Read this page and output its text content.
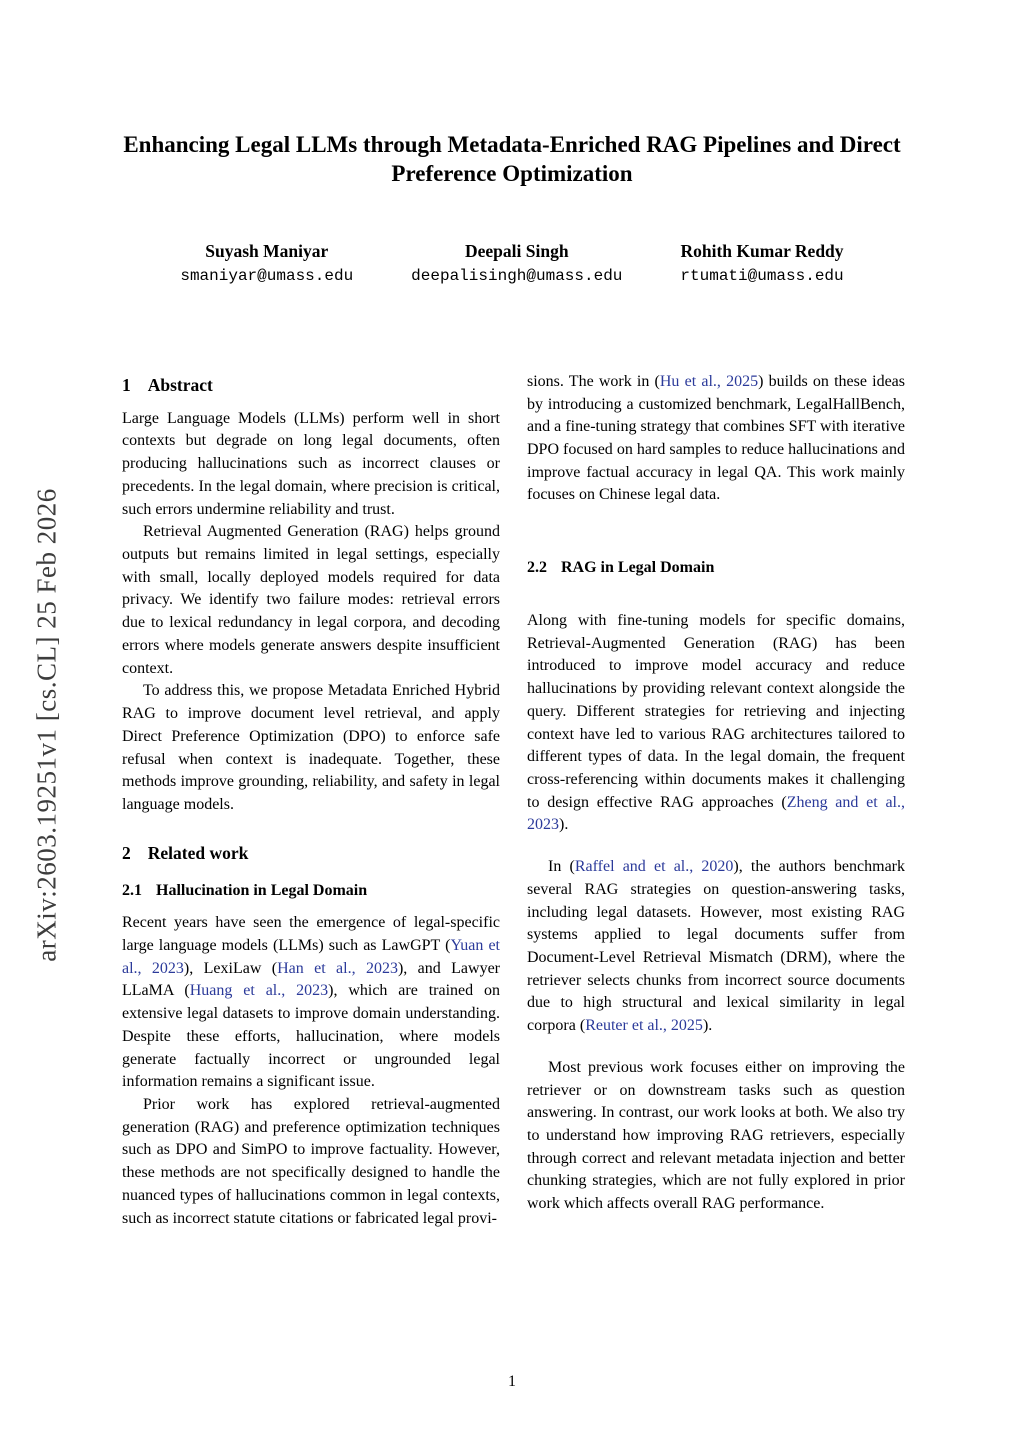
arXiv:2603.19251v1 [cs.CL] 25 Feb 2026
Enhancing Legal LLMs through Metadata-Enriched RAG Pipelines and Direct Preference Optimization
Suyash Maniyar
smaniyar@umass.edu
Deepali Singh
deepalisingh@umass.edu
Rohith Kumar Reddy
rtumati@umass.edu
1 Abstract

Large Language Models (LLMs) perform well in short contexts but degrade on long legal documents, often producing hallucinations such as incorrect clauses or precedents. In the legal domain, where precision is critical, such errors undermine reliability and trust.

Retrieval Augmented Generation (RAG) helps ground outputs but remains limited in legal settings, especially with small, locally deployed models required for data privacy. We identify two failure modes: retrieval errors due to lexical redundancy in legal corpora, and decoding errors where models generate answers despite insufficient context.

To address this, we propose Metadata Enriched Hybrid RAG to improve document level retrieval, and apply Direct Preference Optimization (DPO) to enforce safe refusal when context is inadequate. Together, these methods improve grounding, reliability, and safety in legal language models.

2 Related work
2.1 Hallucination in Legal Domain

Recent years have seen the emergence of legal-specific large language models (LLMs) such as LawGPT (Yuan et al., 2023), LexiLaw (Han et al., 2023), and Lawyer LLaMA (Huang et al., 2023), which are trained on extensive legal datasets to improve domain understanding. Despite these efforts, hallucination, where models generate factually incorrect or ungrounded legal information remains a significant issue.

Prior work has explored retrieval-augmented generation (RAG) and preference optimization techniques such as DPO and SimPO to improve factuality. However, these methods are not specifically designed to handle the nuanced types of hallucinations common in legal contexts, such as incorrect statute citations or fabricated legal provi-

sions. The work in (Hu et al., 2025) builds on these ideas by introducing a customized benchmark, LegalHallBench, and a fine-tuning strategy that combines SFT with iterative DPO focused on hard samples to reduce hallucinations and improve factual accuracy in legal QA. This work mainly focuses on Chinese legal data.

2.2 RAG in Legal Domain

Along with fine-tuning models for specific domains, Retrieval-Augmented Generation (RAG) has been introduced to improve model accuracy and reduce hallucinations by providing relevant context alongside the query. Different strategies for retrieving and injecting context have led to various RAG architectures tailored to different types of data. In the legal domain, the frequent cross-referencing within documents makes it challenging to design effective RAG approaches (Zheng and et al., 2023).

In (Raffel and et al., 2020), the authors benchmark several RAG strategies on question-answering tasks, including legal datasets. However, most existing RAG systems applied to legal documents suffer from Document-Level Retrieval Mismatch (DRM), where the retriever selects chunks from incorrect source documents due to high structural and lexical similarity in legal corpora (Reuter et al., 2025).

Most previous work focuses either on improving the retriever or on downstream tasks such as question answering. In contrast, our work looks at both. We also try to understand how improving RAG retrievers, especially through correct and relevant metadata injection and better chunking strategies, which are not fully explored in prior work which affects overall RAG performance.

1
